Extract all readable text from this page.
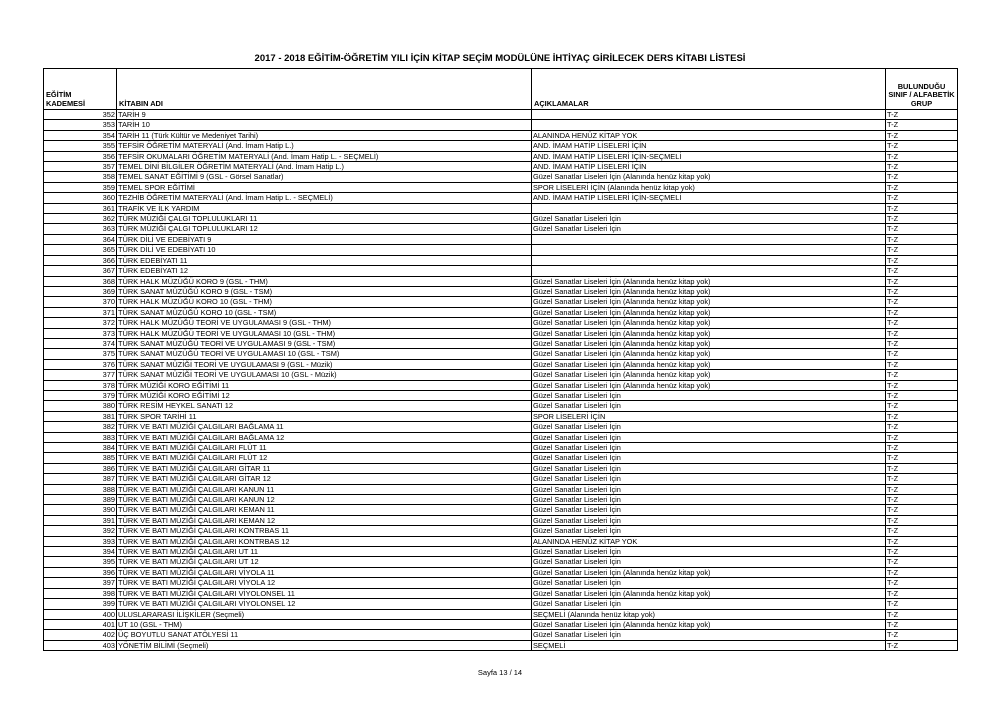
2017 - 2018 EĞİTİM-ÖĞRETİM YILI İÇİN KİTAP SEÇİM MODÜLÜNE İHTİYAÇ GİRİLECEK DERS KİTABI LİSTESİ
EĞİTİM
KADEMESİ	KİTABIN ADI	AÇIKLAMALAR	BULUNDUĞU SINIF / ALFABETİK GRUP
352	TARİH 9		T-Z
353	TARİH 10		T-Z
354	TARİH 11 (Türk Kültür ve Medeniyet Tarihi)	ALANINDA HENÜZ KİTAP YOK	T-Z
355	TEFSİR ÖĞRETİM MATERYALİ (And. İmam Hatip L.)	AND. İMAM HATİP LİSELERİ İÇİN	T-Z
356	TEFSİR OKUMALARI ÖĞRETİM MATERYALİ (And. İmam Hatip L. - SEÇMELİ)	AND. İMAM HATİP LİSELERİ İÇİN-SEÇMELİ	T-Z
357	TEMEL DİNİ BİLGİLER ÖĞRETİM MATERYALİ (And. İmam Hatip L.)	AND. İMAM HATİP LİSELERİ İÇİN	T-Z
358	TEMEL SANAT EĞİTİMİ 9 (GSL - Görsel Sanatlar)	Güzel Sanatlar Liseleri İçin (Alanında henüz kitap yok)	T-Z
359	TEMEL SPOR EĞİTİMİ	SPOR LİSELERİ İÇİN (Alanında henüz kitap yok)	T-Z
360	TEZHİB ÖĞRETİM MATERYALİ (And. İmam Hatip L. - SEÇMELİ)	AND. İMAM HATİP LİSELERİ İÇİN-SEÇMELİ	T-Z
361	TRAFİK VE İLK YARDIM		T-Z
362	TÜRK MÜZİĞİ ÇALGI TOPLULUKLARI 11	Güzel Sanatlar Liseleri İçin	T-Z
363	TÜRK MÜZİĞİ ÇALGI TOPLULUKLARI 12	Güzel Sanatlar Liseleri İçin	T-Z
364	TÜRK DİLİ VE EDEBİYATI 9		T-Z
365	TÜRK DİLİ VE EDEBİYATI 10		T-Z
366	TÜRK EDEBİYATI 11		T-Z
367	TÜRK EDEBİYATI 12		T-Z
368	TÜRK HALK MÜZÜĞÜ KORO 9 (GSL - THM)	Güzel Sanatlar Liseleri İçin (Alanında henüz kitap yok)	T-Z
369	TÜRK SANAT MÜZÜĞÜ KORO 9 (GSL - TSM)	Güzel Sanatlar Liseleri İçin (Alanında henüz kitap yok)	T-Z
370	TÜRK HALK MÜZÜĞÜ KORO 10 (GSL - THM)	Güzel Sanatlar Liseleri İçin (Alanında henüz kitap yok)	T-Z
371	TÜRK SANAT MÜZÜĞÜ KORO 10 (GSL - TSM)	Güzel Sanatlar Liseleri İçin (Alanında henüz kitap yok)	T-Z
372	TÜRK HALK MÜZÜĞÜ TEORİ VE UYGULAMASI 9 (GSL - THM)	Güzel Sanatlar Liseleri İçin (Alanında henüz kitap yok)	T-Z
373	TÜRK HALK MÜZÜĞÜ TEORİ VE UYGULAMASI 10 (GSL - THM)	Güzel Sanatlar Liseleri İçin (Alanında henüz kitap yok)	T-Z
374	TÜRK SANAT MÜZÜĞÜ TEORİ VE UYGULAMASI 9 (GSL - TSM)	Güzel Sanatlar Liseleri İçin (Alanında henüz kitap yok)	T-Z
375	TÜRK SANAT MÜZÜĞÜ TEORİ VE UYGULAMASI 10 (GSL - TSM)	Güzel Sanatlar Liseleri İçin (Alanında henüz kitap yok)	T-Z
376	TÜRK SANAT MÜZİĞİ TEORİ VE UYGULAMASI 9 (GSL - Müzik)	Güzel Sanatlar Liseleri İçin (Alanında henüz kitap yok)	T-Z
377	TÜRK SANAT MÜZİĞİ TEORİ VE UYGULAMASI 10 (GSL - Müzik)	Güzel Sanatlar Liseleri İçin (Alanında henüz kitap yok)	T-Z
378	TÜRK MÜZİĞİ KORO EĞİTİMİ 11	Güzel Sanatlar Liseleri İçin (Alanında henüz kitap yok)	T-Z
379	TÜRK MÜZİĞİ KORO EĞİTİMİ 12	Güzel Sanatlar Liseleri İçin	T-Z
380	TÜRK RESİM HEYKEL SANATI 12	Güzel Sanatlar Liseleri İçin	T-Z
381	TÜRK SPOR TARİHİ 11	SPOR LİSELERİ İÇİN	T-Z
382	TÜRK VE BATI MÜZİĞİ ÇALGILARI BAĞLAMA 11	Güzel Sanatlar Liseleri İçin	T-Z
383	TÜRK VE BATI MÜZİĞİ ÇALGILARI BAĞLAMA 12	Güzel Sanatlar Liseleri İçin	T-Z
384	TÜRK VE BATI MÜZİĞİ ÇALGILARI FLÜT 11	Güzel Sanatlar Liseleri İçin	T-Z
385	TÜRK VE BATI MÜZİĞİ ÇALGILARI FLÜT 12	Güzel Sanatlar Liseleri İçin	T-Z
386	TÜRK VE BATI MÜZİĞİ ÇALGILARI GİTAR 11	Güzel Sanatlar Liseleri İçin	T-Z
387	TÜRK VE BATI MÜZİĞİ ÇALGILARI GİTAR 12	Güzel Sanatlar Liseleri İçin	T-Z
388	TÜRK VE BATI MÜZİĞİ ÇALGILARI KANUN 11	Güzel Sanatlar Liseleri İçin	T-Z
389	TÜRK VE BATI MÜZİĞİ ÇALGILARI KANUN 12	Güzel Sanatlar Liseleri İçin	T-Z
390	TÜRK VE BATI MÜZİĞİ ÇALGILARI KEMAN 11	Güzel Sanatlar Liseleri İçin	T-Z
391	TÜRK VE BATI MÜZİĞİ ÇALGILARI KEMAN 12	Güzel Sanatlar Liseleri İçin	T-Z
392	TÜRK VE BATI MÜZİĞİ ÇALGILARI KONTRBAS 11	Güzel Sanatlar Liseleri İçin	T-Z
393	TÜRK VE BATI MÜZİĞİ ÇALGILARI KONTRBAS 12	ALANINDA HENÜZ KİTAP YOK	T-Z
394	TÜRK VE BATI MÜZİĞİ ÇALGILARI UT 11	Güzel Sanatlar Liseleri İçin	T-Z
395	TÜRK VE BATI MÜZİĞİ ÇALGILARI UT 12	Güzel Sanatlar Liseleri İçin	T-Z
396	TÜRK VE BATI MÜZİĞİ ÇALGILARI VİYOLA 11	Güzel Sanatlar Liseleri İçin (Alanında henüz kitap yok)	T-Z
397	TÜRK VE BATI MÜZİĞİ ÇALGILARI VİYOLA 12	Güzel Sanatlar Liseleri İçin	T-Z
398	TÜRK VE BATI MÜZİĞİ ÇALGILARI VİYOLONSEL 11	Güzel Sanatlar Liseleri İçin (Alanında henüz kitap yok)	T-Z
399	TÜRK VE BATI MÜZİĞİ ÇALGILARI VİYOLONSEL 12	Güzel Sanatlar Liseleri İçin	T-Z
400	ULUSLARARASI İLİŞKİLER (Seçmeli)	SEÇMELİ (Alanında henüz kitap yok)	T-Z
401	UT 10 (GSL - THM)	Güzel Sanatlar Liseleri İçin (Alanında henüz kitap yok)	T-Z
402	ÜÇ BOYUTLU SANAT ATÖLYESİ 11	Güzel Sanatlar Liseleri İçin	T-Z
403	YÖNETİM BİLİMİ (Seçmeli)	SEÇMELİ	T-Z
Sayfa 13 / 14
